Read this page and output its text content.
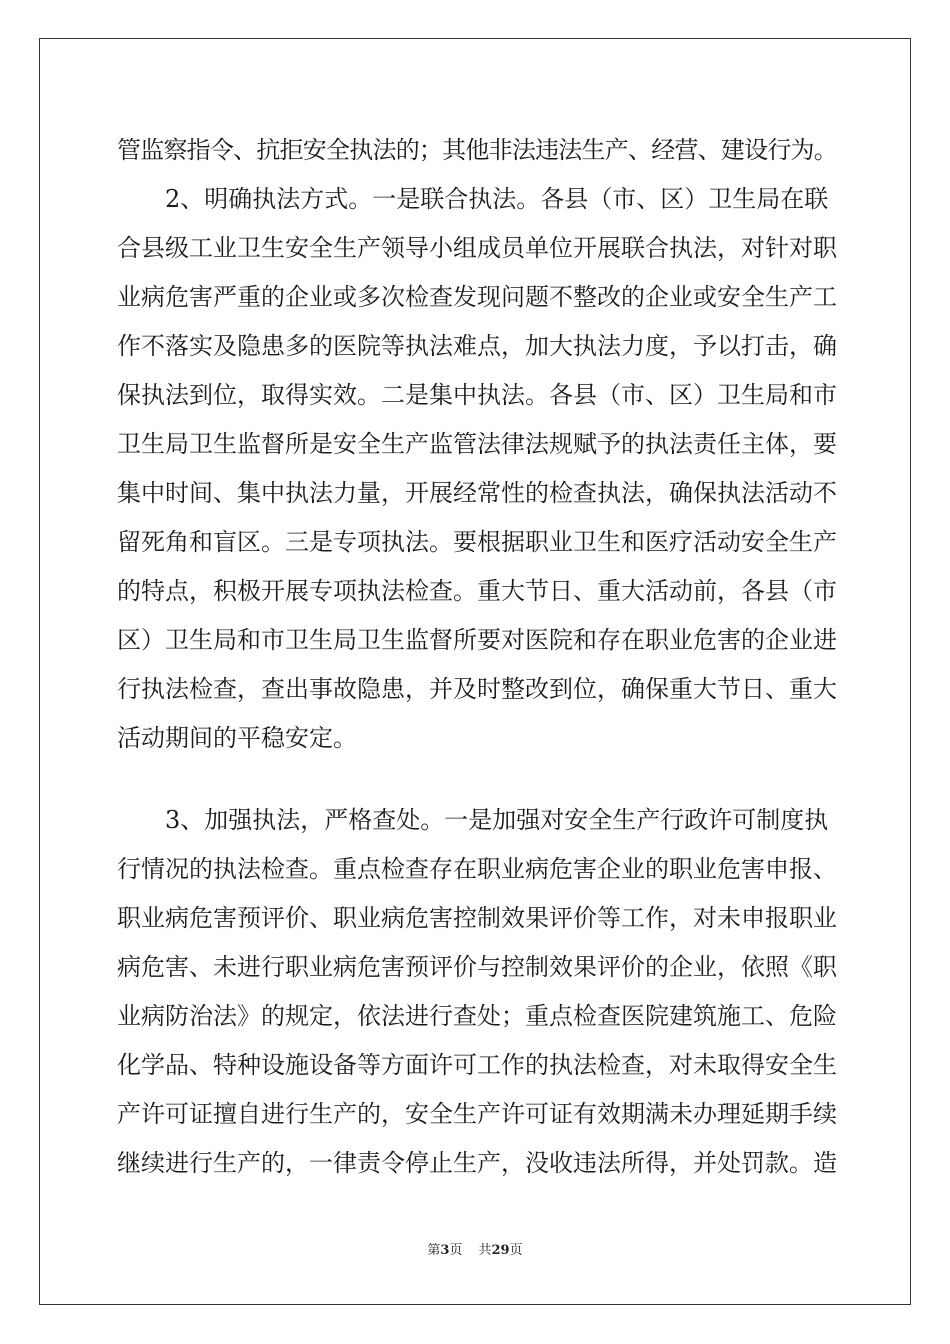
管监察指令、抗拒安全执法的；其他非法违法生产、经营、建设行为。
2、明确执法方式。一是联合执法。各县（市、区）卫生局在联
合县级工业卫生安全生产领导小组成员单位开展联合执法，对针对职
业病危害严重的企业或多次检查发现问题不整改的企业或安全生产工
作不落实及隐患多的医院等执法难点，加大执法力度，予以打击，确
保执法到位，取得实效。二是集中执法。各县（市、区）卫生局和市
卫生局卫生监督所是安全生产监管法律法规赋予的执法责任主体，要
集中时间、集中执法力量，开展经常性的检查执法，确保执法活动不
留死角和盲区。三是专项执法。要根据职业卫生和医疗活动安全生产
的特点，积极开展专项执法检查。重大节日、重大活动前，各县（市
区）卫生局和市卫生局卫生监督所要对医院和存在职业危害的企业进
行执法检查，查出事故隐患，并及时整改到位，确保重大节日、重大
活动期间的平稳安定。
3、加强执法，严格查处。一是加强对安全生产行政许可制度执
行情况的执法检查。重点检查存在职业病危害企业的职业危害申报、
职业病危害预评价、职业病危害控制效果评价等工作，对未申报职业
病危害、未进行职业病危害预评价与控制效果评价的企业，依照《职
业病防治法》的规定，依法进行查处；重点检查医院建筑施工、危险
化学品、特种设施设备等方面许可工作的执法检查，对未取得安全生
产许可证擅自进行生产的，安全生产许可证有效期满未办理延期手续
继续进行生产的，一律责令停止生产，没收违法所得，并处罚款。造
第3页 共29页
